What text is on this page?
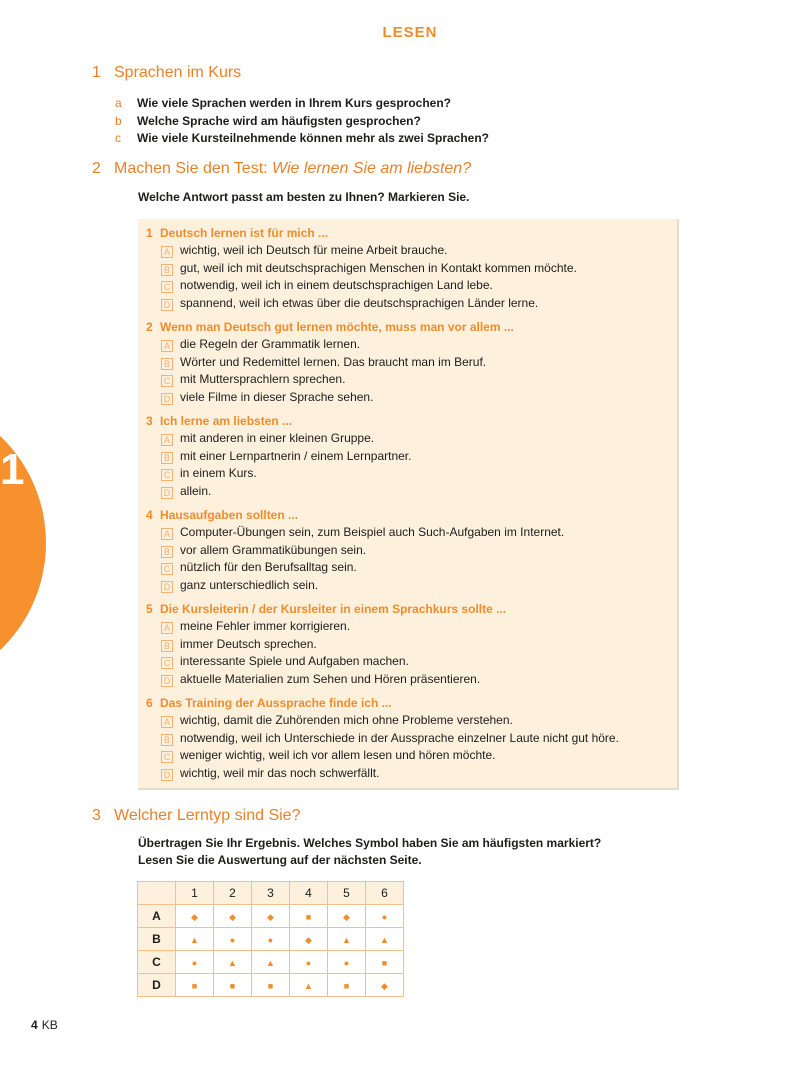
LESEN
1
1 Sprachen im Kurs
a Wie viele Sprachen werden in Ihrem Kurs gesprochen?
b Welche Sprache wird am häufigsten gesprochen?
c Wie viele Kursteilnehmende können mehr als zwei Sprachen?
2 Machen Sie den Test: Wie lernen Sie am liebsten?
Welche Antwort passt am besten zu Ihnen? Markieren Sie.
1 Deutsch lernen ist für mich ...
A wichtig, weil ich Deutsch für meine Arbeit brauche.
B gut, weil ich mit deutschsprachigen Menschen in Kontakt kommen möchte.
C notwendig, weil ich in einem deutschsprachigen Land lebe.
D spannend, weil ich etwas über die deutschsprachigen Länder lerne.
2 Wenn man Deutsch gut lernen möchte, muss man vor allem ...
A die Regeln der Grammatik lernen.
B Wörter und Redemittel lernen. Das braucht man im Beruf.
C mit Muttersprachlern sprechen.
D viele Filme in dieser Sprache sehen.
3 Ich lerne am liebsten ...
A mit anderen in einer kleinen Gruppe.
B mit einer Lernpartnerin / einem Lernpartner.
C in einem Kurs.
D allein.
4 Hausaufgaben sollten ...
A Computer-Übungen sein, zum Beispiel auch Such-Aufgaben im Internet.
B vor allem Grammatikübungen sein.
C nützlich für den Berufsalltag sein.
D ganz unterschiedlich sein.
5 Die Kursleiterin / der Kursleiter in einem Sprachkurs sollte ...
A meine Fehler immer korrigieren.
B immer Deutsch sprechen.
C interessante Spiele und Aufgaben machen.
D aktuelle Materialien zum Sehen und Hören präsentieren.
6 Das Training der Aussprache finde ich ...
A wichtig, damit die Zuhörenden mich ohne Probleme verstehen.
B notwendig, weil ich Unterschiede in der Aussprache einzelner Laute nicht gut höre.
C weniger wichtig, weil ich vor allem lesen und hören möchte.
D wichtig, weil mir das noch schwerfällt.
3 Welcher Lerntyp sind Sie?
Übertragen Sie Ihr Ergebnis. Welches Symbol haben Sie am häufigsten markiert?
Lesen Sie die Auswertung auf der nächsten Seite.
	1	2	3	4	5	6
A	◆	◆	◆	■	◆	●
B	▲	●	●	◆	▲	▲
C	●	▲	▲	●	●	■
D	■	■	■	▲	■	◆
4 KB
